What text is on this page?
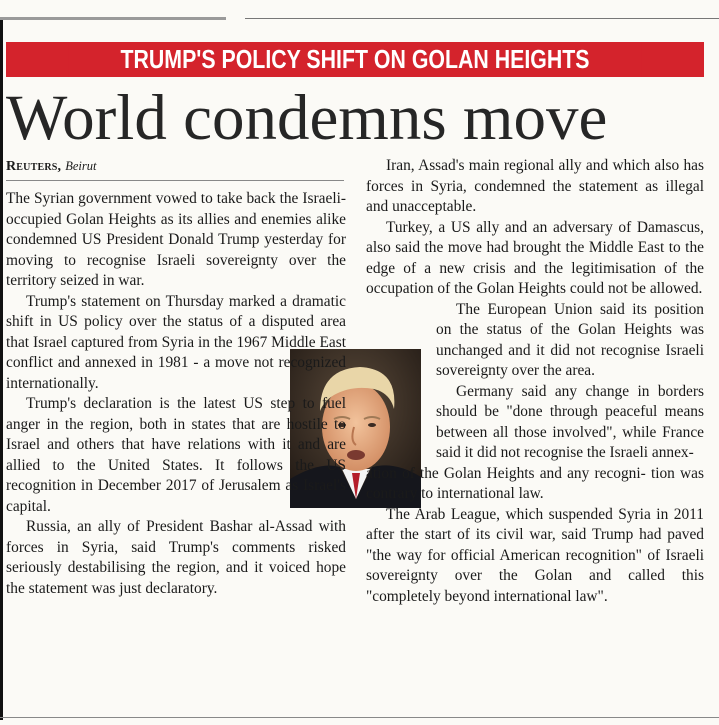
TRUMP'S POLICY SHIFT ON GOLAN HEIGHTS
World condemns move
Reuters, Beirut

The Syrian government vowed to take back the Israeli-occupied Golan Heights as its allies and enemies alike condemned US President Donald Trump yesterday for moving to recognise Israeli sovereignty over the territory seized in war.

Trump's statement on Thursday marked a dramatic shift in US policy over the status of a disputed area that Israel captured from Syria in the 1967 Middle East conflict and annexed in 1981 - a move not recognized internationally.

Trump's declaration is the latest US step to fuel anger in the region, both in states that are hostile to Israel and others that have relations with it and are allied to the United States. It follows the US recognition in December 2017 of Jerusalem as Israel's capital.

Russia, an ally of President Bashar al-Assad with forces in Syria, said Trump's comments risked seriously destabilising the region, and it voiced hope the statement was just declaratory.

Iran, Assad's main regional ally and which also has forces in Syria, condemned the statement as illegal and unacceptable.

Turkey, a US ally and an adversary of Damascus, also said the move had brought the Middle East to the edge of a new crisis and the legitimisation of the occupation of the Golan Heights could not be allowed.

The European Union said its position on the status of the Golan Heights was unchanged and it did not recognise Israeli sovereignty over the area.

Germany said any change in borders should be "done through peaceful means between all those involved", while France said it did not recognise the Israeli annex-

ation of the Golan Heights and any recogni- tion was contrary to international law.

The Arab League, which suspended Syria in 2011 after the start of its civil war, said Trump had paved "the way for official American recognition" of Israeli sovereignty over the Golan and called this "completely beyond international law".
